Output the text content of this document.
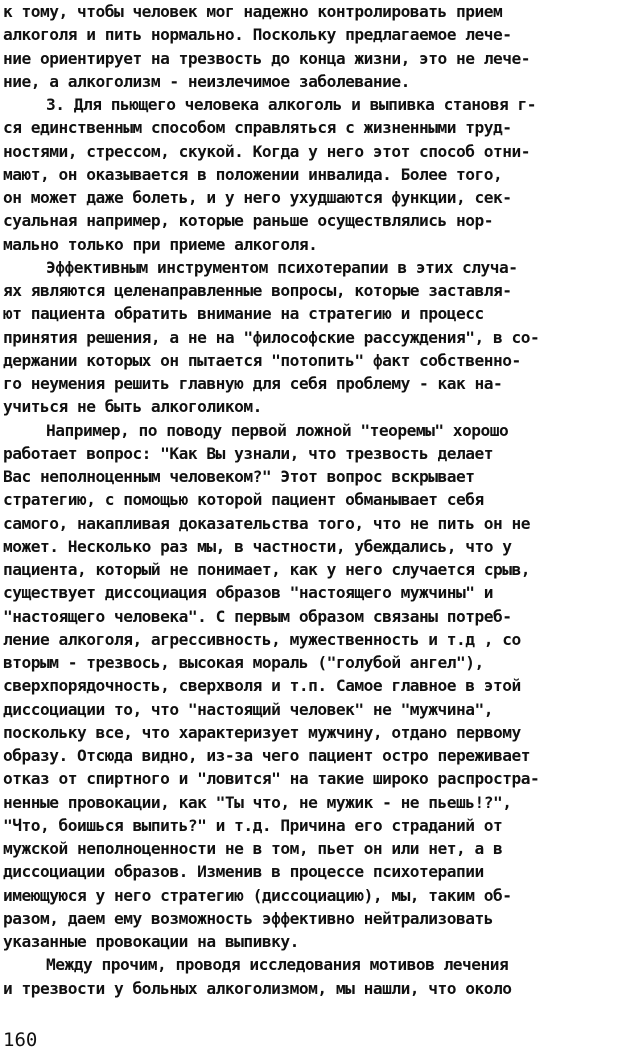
к тому, чтобы человек мог надежно контролировать прием
алкоголя и пить нормально. Поскольку предлагаемое лече-
ние ориентирует на трезвость до конца жизни, это не лече-
ние, а алкоголизм - неизлечимое заболевание.
3. Для пьющего человека алкоголь и выпивка становя г-
ся единственным способом справляться с жизненными труд-
ностями, стрессом, скукой. Когда у него этот способ отни-
мают, он оказывается в положении инвалида. Более того,
он может даже болеть, и у него ухудшаются функции, сек-
суальная например, которые раньше осуществлялись нор-
мально только при приеме алкоголя.
Эффективным инструментом психотерапии в этих случа-
ях являются целенаправленные вопросы, которые заставля-
ют пациента обратить внимание на стратегию и процесс
принятия решения, а не на "философские рассуждения", в со-
держании которых он пытается "потопить" факт собственно-
го неумения решить главную для себя проблему - как на-
учиться не быть алкоголиком.
Например, по поводу первой ложной "теоремы" хорошо
работает вопрос: "Как Вы узнали, что трезвость делает
Вас неполноценным человеком?" Этот вопрос вскрывает
стратегию, с помощью которой пациент обманывает себя
самого, накапливая доказательства того, что не пить он не
может. Несколько раз мы, в частности, убеждались, что у
пациента, который не понимает, как у него случается срыв,
существует диссоциация образов "настоящего мужчины" и
"настоящего человека". С первым образом связаны потреб-
ление алкоголя, агрессивность, мужественность и т.д , со
вторым - трезвось, высокая мораль ("голубой ангел"),
сверхпорядочность, сверхволя и т.п. Самое главное в этой
диссоциации то, что "настоящий человек" не "мужчина",
поскольку все, что характеризует мужчину, отдано первому
образу. Отсюда видно, из-за чего пациент остро переживает
отказ от спиртного и "ловится" на такие широко распростра-
ненные провокации, как "Ты что, не мужик - не пьешь!?",
"Что, боишься выпить?" и т.д. Причина его страданий от
мужской неполноценности не в том, пьет он или нет, а в
диссоциации образов. Изменив в процессе психотерапии
имеющуюся у него стратегию (диссоциацию), мы, таким об-
разом, даем ему возможность эффективно нейтрализовать
указанные провокации на выпивку.
Между прочим, проводя исследования мотивов лечения
и трезвости у больных алкоголизмом, мы нашли, что около
160
